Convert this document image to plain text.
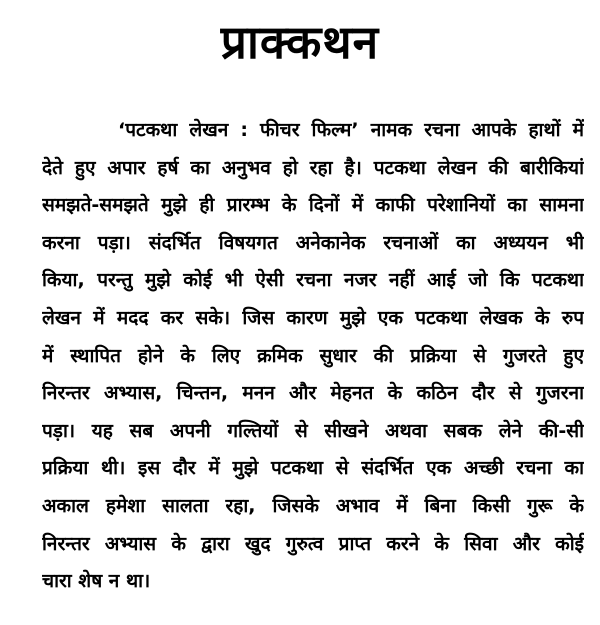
प्राक्कथन
‘पटकथा लेखन : फीचर फिल्म’ नामक रचना आपके हाथों में
देते हुए अपार हर्ष का अनुभव हो रहा है। पटकथा लेखन की बारीकियां
समझते-समझते मुझे ही प्रारम्भ के दिनों में काफी परेशानियों का सामना
करना पड़ा। संदर्भित विषयगत अनेकानेक रचनाओं का अध्ययन भी
किया, परन्तु मुझे कोई भी ऐसी रचना नजर नहीं आई जो कि पटकथा
लेखन में मदद कर सके। जिस कारण मुझे एक पटकथा लेखक के रुप
में स्थापित होने के लिए क्रमिक सुधार की प्रक्रिया से गुजरते हुए
निरन्तर अभ्यास, चिन्तन, मनन और मेहनत के कठिन दौर से गुजरना
पड़ा। यह सब अपनी गल्तियों से सीखने अथवा सबक लेने की-सी
प्रक्रिया थी। इस दौर में मुझे पटकथा से संदर्भित एक अच्छी रचना का
अकाल हमेशा सालता रहा, जिसके अभाव में बिना किसी गुरू के
निरन्तर अभ्यास के द्वारा खुद गुरुत्व प्राप्त करने के सिवा और कोई
चारा शेष न था।
